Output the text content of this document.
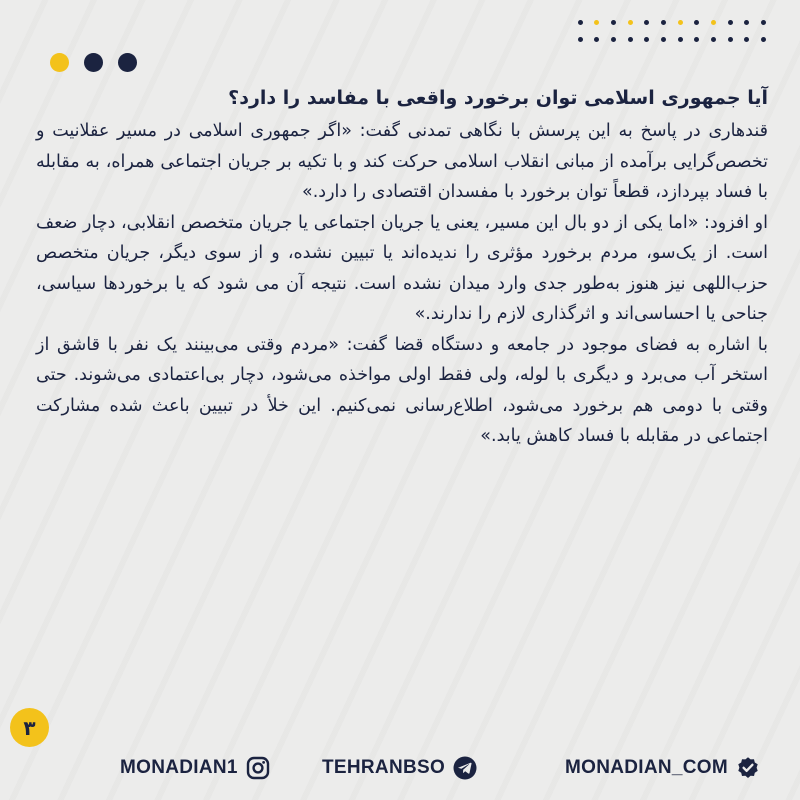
آیا جمهوری اسلامی توان برخورد واقعی با مفاسد را دارد؟

قندهاری در پاسخ به این پرسش با نگاهی تمدنی گفت: «اگر جمهوری اسلامی در مسیر عقلانیت و تخصص‌گرایی برآمده از مبانی انقلاب اسلامی حرکت کند و با تکیه بر جریان اجتماعی همراه، به مقابله با فساد بپردازد، قطعاً توان برخورد با مفسدان اقتصادی را دارد.»

او افزود: «اما یکی از دو بال این مسیر، یعنی یا جریان اجتماعی یا جریان متخصص انقلابی، دچار ضعف است. از یک‌سو، مردم برخورد مؤثری را ندیده‌اند یا تبیین نشده، و از سوی دیگر، جریان متخصص حزب‌اللهی نیز هنوز به‌طور جدی وارد میدان نشده است. نتیجه آن می شود که یا برخوردها سیاسی، جناحی یا احساسی‌اند و اثرگذاری لازم را ندارند.»

با اشاره به فضای موجود در جامعه و دستگاه قضا گفت: «مردم وقتی می‌بینند یک نفر با قاشق از استخر آب می‌برد و دیگری با لوله، ولی فقط اولی مواخذه می‌شود، دچار بی‌اعتمادی می‌شوند. حتی وقتی با دومی هم برخورد می‌شود، اطلاع‌رسانی نمی‌کنیم. این خلأ در تبیین باعث شده مشارکت اجتماعی در مقابله با فساد کاهش یابد.»

۳
MONADIAN1	TEHRANBSO	MONADIAN_COM
